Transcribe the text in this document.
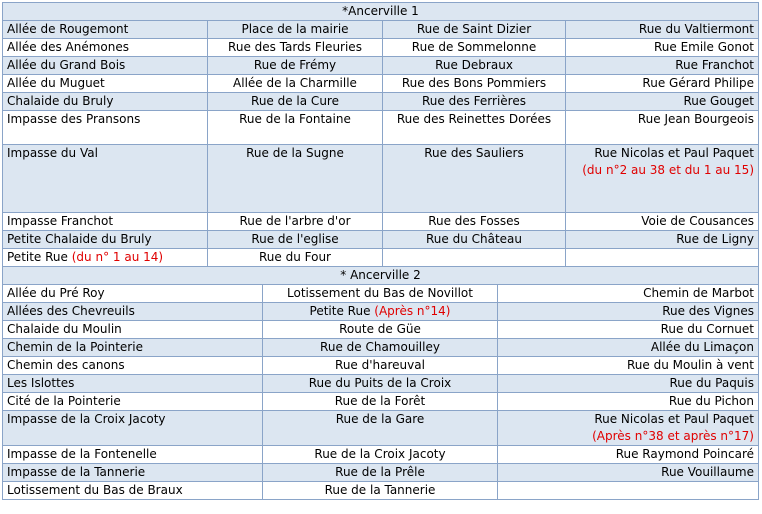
*Ancerville 1			
Allée de Rougemont	Place de la mairie	Rue de Saint Dizier	Rue du Valtiermont
Allée des Anémones	Rue des Tards Fleuries	Rue de Sommelonne	Rue Emile Gonot
Allée du Grand Bois	Rue de Frémy	Rue Debraux	Rue Franchot
Allée du Muguet	Allée de la Charmille	Rue des Bons Pommiers	Rue Gérard Philipe
Chalaide du Bruly	Rue de la Cure	Rue des Ferrières	Rue Gouget
Impasse des Pransons	Rue de la Fontaine	Rue des Reinettes Dorées	Rue Jean Bourgeois
Impasse du Val	Rue de la Sugne	Rue des Sauliers	Rue Nicolas et Paul Paquet
(du n°2 au 38 et du 1 au 15)

Impasse Franchot	Rue de l'arbre d'or	Rue des Fosses	Voie de Cousances
Petite Chalaide du Bruly	Rue de l'eglise	Rue du Château	Rue de Ligny
Petite Rue (du n° 1 au 14)	Rue du Four		
* Ancerville 2		
Allée du Pré Roy	Lotissement du Bas de Novillot	Chemin de Marbot
Allées des Chevreuils	Petite Rue (Après n°14)	Rue des Vignes
Chalaide du Moulin	Route de Güe	Rue du Cornuet
Chemin de la Pointerie	Rue de Chamouilley	Allée du Limaçon
Chemin des canons	Rue d'hareuval	Rue du Moulin à vent
Les Islottes	Rue du Puits de la Croix	Rue du Paquis
Cité de la Pointerie	Rue de la Forêt	Rue du Pichon
Impasse de la Croix Jacoty	Rue de la Gare	Rue Nicolas et Paul Paquet
(Après n°38 et après n°17)

Impasse de la Fontenelle	Rue de la Croix Jacoty	Rue Raymond Poincaré
Impasse de la Tannerie	Rue de la Prêle	Rue Vouillaume
Lotissement du Bas de Braux	Rue de la Tannerie	
